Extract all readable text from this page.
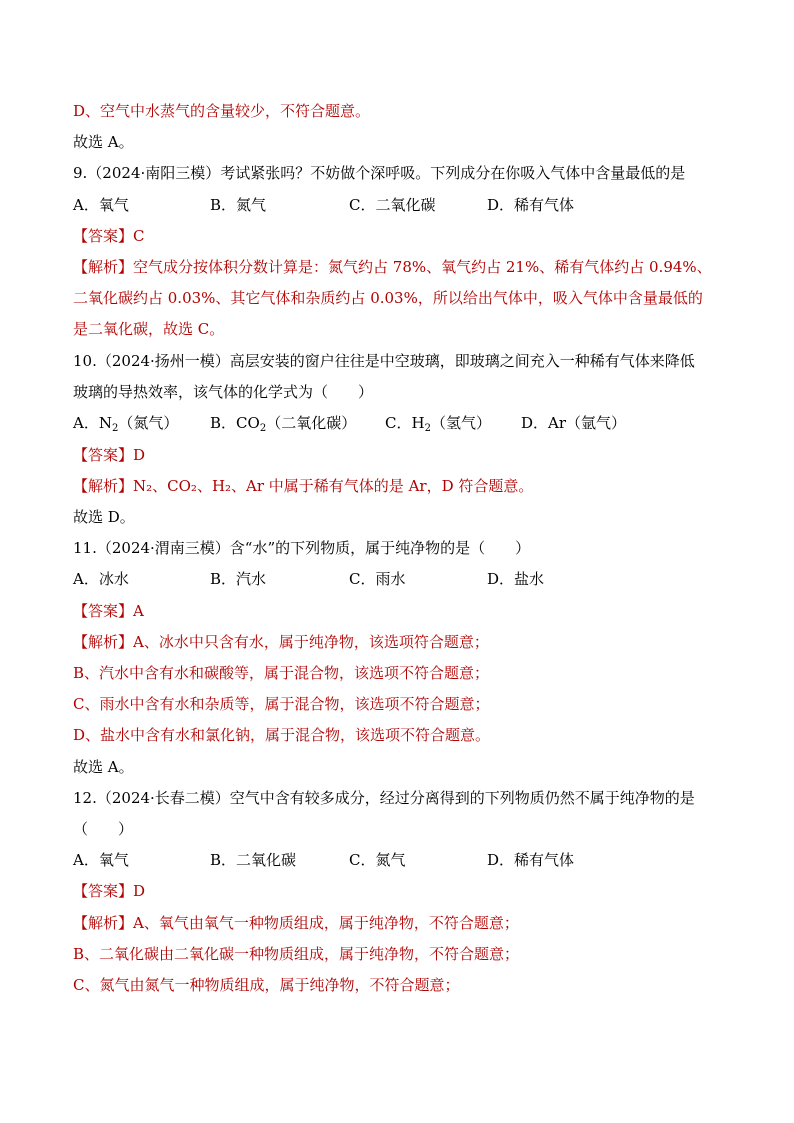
D、空气中水蒸气的含量较少，不符合题意。
故选 A。
9.（2024·南阳三模）考试紧张吗？不妨做个深呼吸。下列成分在你吸入气体中含量最低的是
A．氧气	B．氮气	C．二氧化碳	D．稀有气体
【答案】C
【解析】空气成分按体积分数计算是：氮气约占 78%、氧气约占 21%、稀有气体约占 0.94%、
二氧化碳约占 0.03%、其它气体和杂质约占 0.03%，所以给出气体中，吸入气体中含量最低的
是二氧化碳，故选 C。
10.（2024·扬州一模）高层安装的窗户往往是中空玻璃，即玻璃之间充入一种稀有气体来降低
玻璃的导热效率，该气体的化学式为（　　）
A．$N_2$（氮气） B．$CO_2$（二氧化碳） C．$H_2$（氢气） D．Ar（氩气）
【答案】D
【解析】N₂、CO₂、H₂、Ar 中属于稀有气体的是 Ar，D 符合题意。
故选 D。
11.（2024·渭南三模）含“水”的下列物质，属于纯净物的是（　　）
A．冰水	B．汽水	C．雨水	D．盐水
【答案】A
【解析】A、冰水中只含有水，属于纯净物，该选项符合题意；
B、汽水中含有水和碳酸等，属于混合物，该选项不符合题意；
C、雨水中含有水和杂质等，属于混合物，该选项不符合题意；
D、盐水中含有水和氯化钠，属于混合物，该选项不符合题意。
故选 A。
12.（2024·长春二模）空气中含有较多成分，经过分离得到的下列物质仍然不属于纯净物的是
（　　）
A．氧气	B．二氧化碳	C．氮气	D．稀有气体
【答案】D
【解析】A、氧气由氧气一种物质组成，属于纯净物，不符合题意；
B、二氧化碳由二氧化碳一种物质组成，属于纯净物，不符合题意；
C、氮气由氮气一种物质组成，属于纯净物，不符合题意；
